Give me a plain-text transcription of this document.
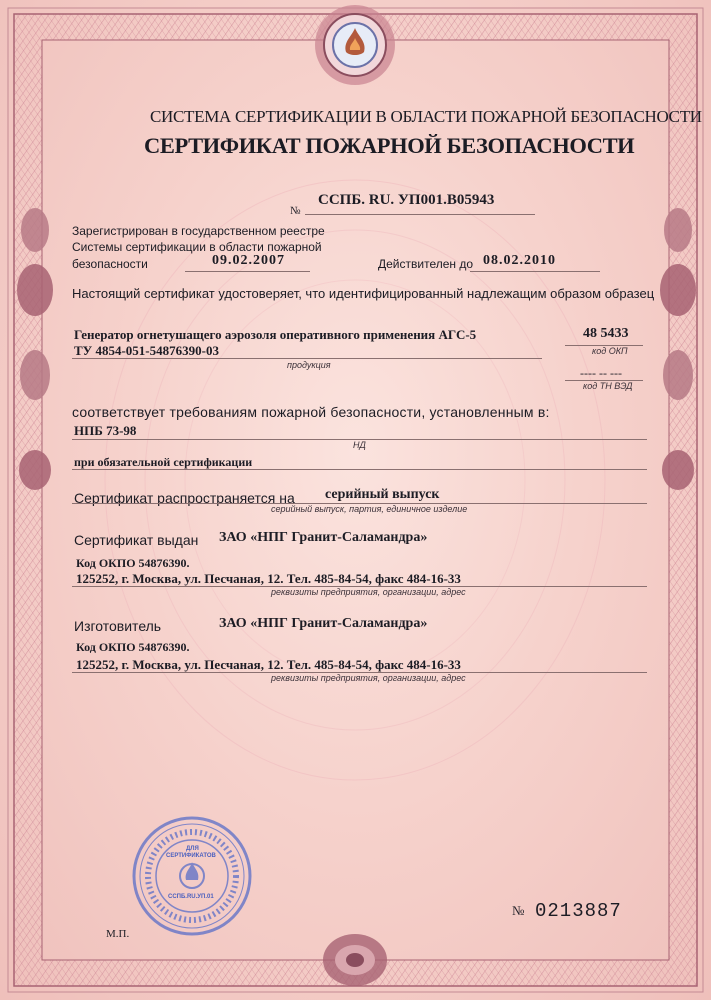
СИСТЕМА СЕРТИФИКАЦИИ В ОБЛАСТИ ПОЖАРНОЙ БЕЗОПАСНОСТИ
СЕРТИФИКАТ ПОЖАРНОЙ БЕЗОПАСНОСТИ
№
ССПБ. RU. УП001.В05943
Зарегистрирован в государственном реестре
Системы сертификации в области пожарной
безопасности	09.02.2007	Действителен до 08.02.2010
Настоящий сертификат удостоверяет, что идентифицированный надлежащим образом образец
Генератор огнетушащего аэрозоля оперативного применения АГС-5
ТУ 4854-051-54876390-03
продукция
48 5433
код ОКП
---- -- ---
код ТН ВЭД
соответствует требованиям пожарной безопасности, установленным в:
НПБ 73-98
НД
при обязательной сертификации
Сертификат распространяется на серийный выпуск
серийный выпуск, партия, единичное изделие
Сертификат выдан ЗАО «НПГ Гранит-Саламандра»
Код ОКПО 54876390.
125252, г. Москва, ул. Песчаная, 12. Тел. 485-84-54, факс 484-16-33
реквизиты предприятия, организации, адрес
Изготовитель	ЗАО «НПГ Гранит-Саламандра»
Код ОКПО 54876390.
125252, г. Москва, ул. Песчаная, 12. Тел. 485-84-54, факс 484-16-33
реквизиты предприятия, организации, адрес
М.П.
№ 0213887
ДЛЯ
СЕРТИФИКАТОВ
ССПБ.RU.УП.01
